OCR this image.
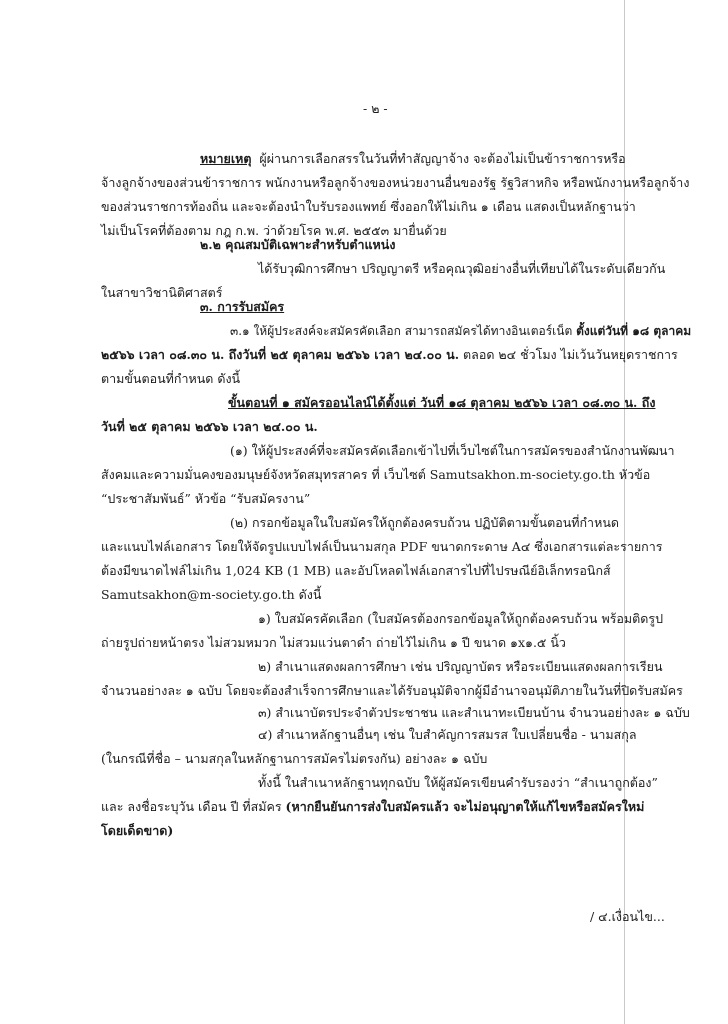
- ๒ -
หมายเหตุ ผู้ผ่านการเลือกสรรในวันที่ทำสัญญาจ้าง จะต้องไม่เป็นข้าราชการหรือ
จ้างลูกจ้างของส่วนข้าราชการ พนักงานหรือลูกจ้างของหน่วยงานอื่นของรัฐ รัฐวิสาหกิจ หรือพนักงานหรือลูกจ้าง
ของส่วนราชการท้องถิ่น และจะต้องนำใบรับรองแพทย์ ซึ่งออกให้ไม่เกิน ๑ เดือน แสดงเป็นหลักฐานว่า
ไม่เป็นโรคที่ต้องตาม กฎ ก.พ. ว่าด้วยโรค พ.ศ. ๒๕๕๓ มายื่นด้วย
๒.๒ คุณสมบัติเฉพาะสำหรับตำแหน่ง
ได้รับวุฒิการศึกษา ปริญญาตรี หรือคุณวุฒิอย่างอื่นที่เทียบได้ในระดับเดียวกัน
ในสาขาวิชานิติศาสตร์
๓. การรับสมัคร
๓.๑ ให้ผู้ประสงค์จะสมัครคัดเลือก สามารถสมัครได้ทางอินเตอร์เน็ต ตั้งแต่วันที่ ๑๘ ตุลาคม
๒๕๖๖ เวลา ๐๘.๓๐ น. ถึงวันที่ ๒๕ ตุลาคม ๒๕๖๖ เวลา ๒๔.๐๐ น. ตลอด ๒๔ ชั่วโมง ไม่เว้นวันหยุดราชการ
ตามขั้นตอนที่กำหนด ดังนี้
ขั้นตอนที่ ๑ สมัครออนไลน์ได้ตั้งแต่ วันที่ ๑๘ ตุลาคม ๒๕๖๖ เวลา ๐๘.๓๐ น. ถึง
วันที่ ๒๕ ตุลาคม ๒๕๖๖ เวลา ๒๔.๐๐ น.
(๑) ให้ผู้ประสงค์ที่จะสมัครคัดเลือกเข้าไปที่เว็บไซต์ในการสมัครของสำนักงานพัฒนา
สังคมและความมั่นคงของมนุษย์จังหวัดสมุทรสาคร ที่ เว็บไซต์ Samutsakhon.m-society.go.th หัวข้อ
“ประชาสัมพันธ์” หัวข้อ “รับสมัครงาน”
(๒) กรอกข้อมูลในใบสมัครให้ถูกต้องครบถ้วน ปฏิบัติตามขั้นตอนที่กำหนด
และแนบไฟล์เอกสาร โดยให้จัดรูปแบบไฟล์เป็นนามสกุล PDF ขนาดกระดาษ A๔ ซึ่งเอกสารแต่ละรายการ
ต้องมีขนาดไฟล์ไม่เกิน 1,024 KB (1 MB) และอัปโหลดไฟล์เอกสารไปที่ไปรษณีย์อิเล็กทรอนิกส์
Samutsakhon@m-society.go.th ดังนี้
๑) ใบสมัครคัดเลือก (ใบสมัครต้องกรอกข้อมูลให้ถูกต้องครบถ้วน พร้อมติดรูป
ถ่ายรูปถ่ายหน้าตรง ไม่สวมหมวก ไม่สวมแว่นตาดำ ถ่ายไว้ไม่เกิน ๑ ปี ขนาด ๑x๑.๕ นิ้ว
๒) สำเนาแสดงผลการศึกษา เช่น ปริญญาบัตร หรือระเบียนแสดงผลการเรียน
จำนวนอย่างละ ๑ ฉบับ โดยจะต้องสำเร็จการศึกษาและได้รับอนุมัติจากผู้มีอำนาจอนุมัติภายในวันที่ปิดรับสมัคร
๓) สำเนาบัตรประจำตัวประชาชน และสำเนาทะเบียนบ้าน จำนวนอย่างละ ๑ ฉบับ
๔) สำเนาหลักฐานอื่นๆ เช่น ใบสำคัญการสมรส ใบเปลี่ยนชื่อ - นามสกุล
(ในกรณีที่ชื่อ – นามสกุลในหลักฐานการสมัครไม่ตรงกัน) อย่างละ ๑ ฉบับ
ทั้งนี้ ในสำเนาหลักฐานทุกฉบับ ให้ผู้สมัครเขียนคำรับรองว่า “สำเนาถูกต้อง”
และ ลงชื่อระบุวัน เดือน ปี ที่สมัคร (หากยืนยันการส่งใบสมัครแล้ว จะไม่อนุญาตให้แก้ไขหรือสมัครใหม่
โดยเด็ดขาด)
/ ๔.เงื่อนไข...
